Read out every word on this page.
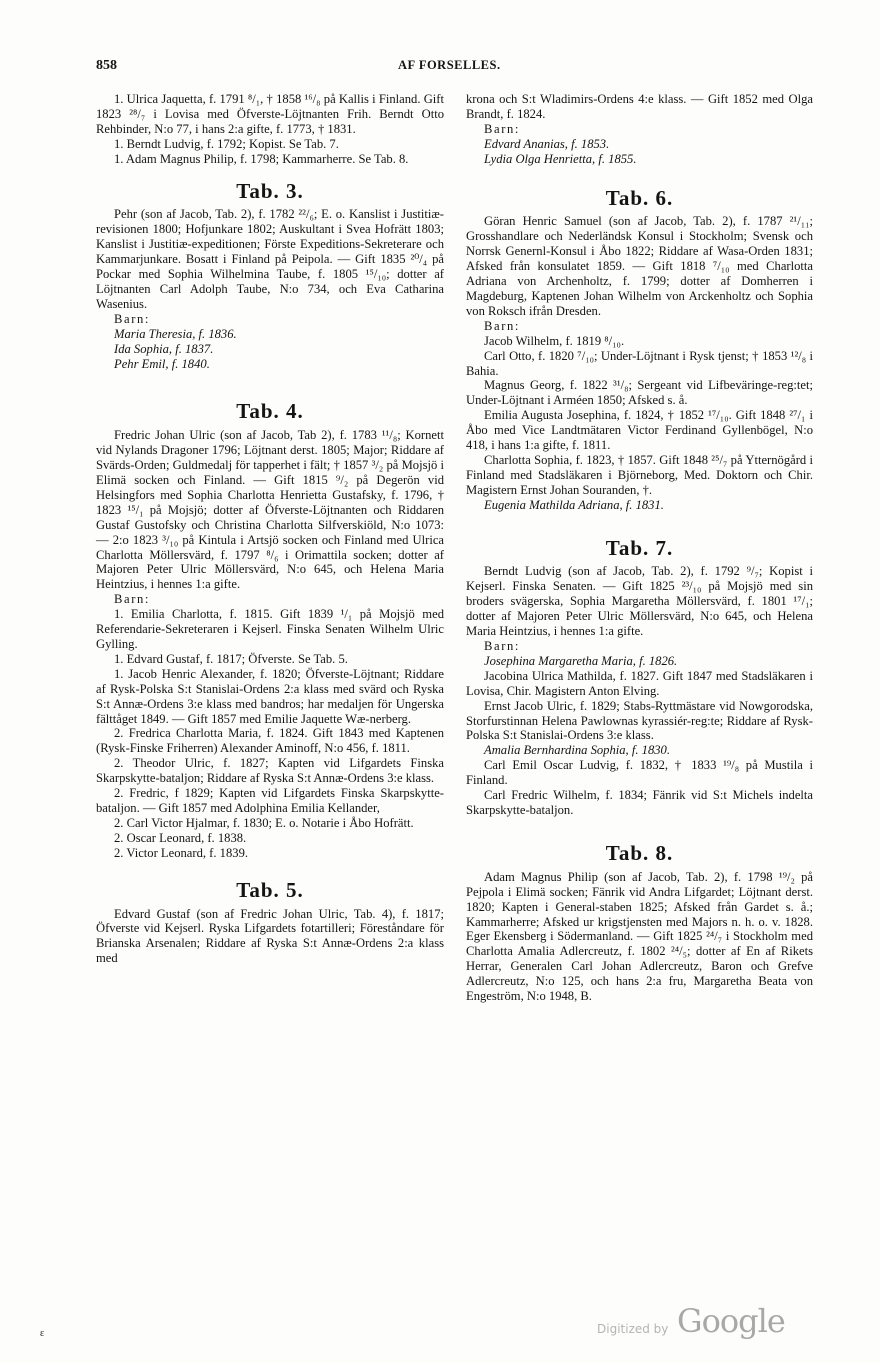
858	AF FORSELLES.

1. Ulrica Jaquetta, f. 1791 ⁸/₁, † 1858 ¹⁶/₈ på Kallis i Finland. Gift 1823 ²⁸/₇ i Lovisa med Öfverste-Löjtnanten Frih. Berndt Otto Rehbinder, N:o 77, i hans 2:a gifte, f. 1773, † 1831.

1. Berndt Ludvig, f. 1792; Kopist. Se Tab. 7.

1. Adam Magnus Philip, f. 1798; Kammarherre. Se Tab. 8.

Tab. 3.

Pehr (son af Jacob, Tab. 2), f. 1782 ²²/₆; E. o. Kanslist i Justitiæ-revisionen 1800; Hofjunkare 1802; Auskultant i Svea Hofrätt 1803; Kanslist i Justitiæ-expeditionen; Förste Expeditions-Sekreterare och Kammarjunkare. Bosatt i Finland på Peipola. — Gift 1835 ²⁰/₄ på Pockar med Sophia Wilhelmina Taube, f. 1805 ¹⁵/₁₀; dotter af Löjtnanten Carl Adolph Taube, N:o 734, och Eva Catharina Wasenius.

Barn:

Maria Theresia, f. 1836.

Ida Sophia, f. 1837.

Pehr Emil, f. 1840.

Tab. 4.

Fredric Johan Ulric (son af Jacob, Tab 2), f. 1783 ¹¹/₈; Kornett vid Nylands Dragoner 1796; Löjtnant derst. 1805; Major; Riddare af Svärds-Orden; Guldmedalj för tapperhet i fält; † 1857 ³/₂ på Mojsjö i Elimä socken och Finland. — Gift 1815 ⁹/₂ på Degerön vid Helsingfors med Sophia Charlotta Henrietta Gustafsky, f. 1796, † 1823 ¹⁵/₁ på Mojsjö; dotter af Öfverste-Löjtnanten och Riddaren Gustaf Gustofsky och Christina Charlotta Silfverskiöld, N:o 1073: — 2:o 1823 ³/₁₀ på Kintula i Artsjö socken och Finland med Ulrica Charlotta Möllersvärd, f. 1797 ⁸/₆ i Orimattila socken; dotter af Majoren Peter Ulric Möllersvärd, N:o 645, och Helena Maria Heintzius, i hennes 1:a gifte.

Barn:

1. Emilia Charlotta, f. 1815. Gift 1839 ¹/₁ på Mojsjö med Referendarie-Sekreteraren i Kejserl. Finska Senaten Wilhelm Ulric Gylling.

1. Edvard Gustaf, f. 1817; Öfverste. Se Tab. 5.

1. Jacob Henric Alexander, f. 1820; Öfverste-Löjtnant; Riddare af Rysk-Polska S:t Stanislai-Ordens 2:a klass med svärd och Ryska S:t Annæ-Ordens 3:e klass med bandros; har medaljen för Ungerska fälttåget 1849. — Gift 1857 med Emilie Jaquette Wæ-nerberg.

2. Fredrica Charlotta Maria, f. 1824. Gift 1843 med Kaptenen (Rysk-Finske Friherren) Alexander Aminoff, N:o 456, f. 1811.

2. Theodor Ulric, f. 1827; Kapten vid Lifgardets Finska Skarpskytte-bataljon; Riddare af Ryska S:t Annæ-Ordens 3:e klass.

2. Fredric, f 1829; Kapten vid Lifgardets Finska Skarpskytte-bataljon. — Gift 1857 med Adolphina Emilia Kellander,

2. Carl Victor Hjalmar, f. 1830; E. o. Notarie i Åbo Hofrätt.

2. Oscar Leonard, f. 1838.

2. Victor Leonard, f. 1839.

Tab. 5.

Edvard Gustaf (son af Fredric Johan Ulric, Tab. 4), f. 1817; Öfverste vid Kejserl. Ryska Lifgardets fotartilleri; Föreståndare för Brianska Arsenalen; Riddare af Ryska S:t Annæ-Ordens 2:a klass med

krona och S:t Wladimirs-Ordens 4:e klass. — Gift 1852 med Olga Brandt, f. 1824.

Barn:

Edvard Ananias, f. 1853.

Lydia Olga Henrietta, f. 1855.

Tab. 6.

Göran Henric Samuel (son af Jacob, Tab. 2), f. 1787 ²¹/₁₁; Grosshandlare och Nederländsk Konsul i Stockholm; Svensk och Norrsk Genernl-Konsul i Åbo 1822; Riddare af Wasa-Orden 1831; Afsked från konsulatet 1859. — Gift 1818 ⁷/₁₀ med Charlotta Adriana von Archenholtz, f. 1799; dotter af Domherren i Magdeburg, Kaptenen Johan Wilhelm von Arckenholtz och Sophia von Roksch ifrån Dresden.

Barn:

Jacob Wilhelm, f. 1819 ⁸/₁₀.

Carl Otto, f. 1820 ⁷/₁₀; Under-Löjtnant i Rysk tjenst; † 1853 ¹²/₈ i Bahia.

Magnus Georg, f. 1822 ³¹/₈; Sergeant vid Lifbeväringe-reg:tet; Under-Löjtnant i Arméen 1850; Afsked s. å.

Emilia Augusta Josephina, f. 1824, † 1852 ¹⁷/₁₀. Gift 1848 ²⁷/₁ i Åbo med Vice Landtmätaren Victor Ferdinand Gyllenbögel, N:o 418, i hans 1:a gifte, f. 1811.

Charlotta Sophia, f. 1823, † 1857. Gift 1848 ²⁵/₇ på Ytternögård i Finland med Stadsläkaren i Björneborg, Med. Doktorn och Chir. Magistern Ernst Johan Souranden, †.

Eugenia Mathilda Adriana, f. 1831.

Tab. 7.

Berndt Ludvig (son af Jacob, Tab. 2), f. 1792 ⁹/₇; Kopist i Kejserl. Finska Senaten. — Gift 1825 ²³/₁₀ på Mojsjö med sin broders svägerska, Sophia Margaretha Möllersvärd, f. 1801 ¹⁷/₁; dotter af Majoren Peter Ulric Möllersvärd, N:o 645, och Helena Maria Heintzius, i hennes 1:a gifte.

Barn:

Josephina Margaretha Maria, f. 1826.

Jacobina Ulrica Mathilda, f. 1827. Gift 1847 med Stadsläkaren i Lovisa, Chir. Magistern Anton Elving.

Ernst Jacob Ulric, f. 1829; Stabs-Ryttmästare vid Nowgorodska, Storfurstinnan Helena Pawlownas kyrassiér-reg:te; Riddare af Rysk-Polska S:t Stanislai-Ordens 3:e klass.

Amalia Bernhardina Sophia, f. 1830.

Carl Emil Oscar Ludvig, f. 1832, † 1833 ¹⁹/₈ på Mustila i Finland.

Carl Fredric Wilhelm, f. 1834; Fänrik vid S:t Michels indelta Skarpskytte-bataljon.

Tab. 8.

Adam Magnus Philip (son af Jacob, Tab. 2), f. 1798 ¹⁹/₂ på Pejpola i Elimä socken; Fänrik vid Andra Lifgardet; Löjtnant derst. 1820; Kapten i General-staben 1825; Afsked från Gardet s. å.; Kammarherre; Afsked ur krigstjensten med Majors n. h. o. v. 1828. Eger Ekensberg i Södermanland. — Gift 1825 ²⁴/₇ i Stockholm med Charlotta Amalia Adlercreutz, f. 1802 ²⁴/₅; dotter af En af Rikets Herrar, Generalen Carl Johan Adlercreutz, Baron och Grefve Adlercreutz, N:o 125, och hans 2:a fru, Margaretha Beata von Engeström, N:o 1948, B.

Digitized by Google
ε
